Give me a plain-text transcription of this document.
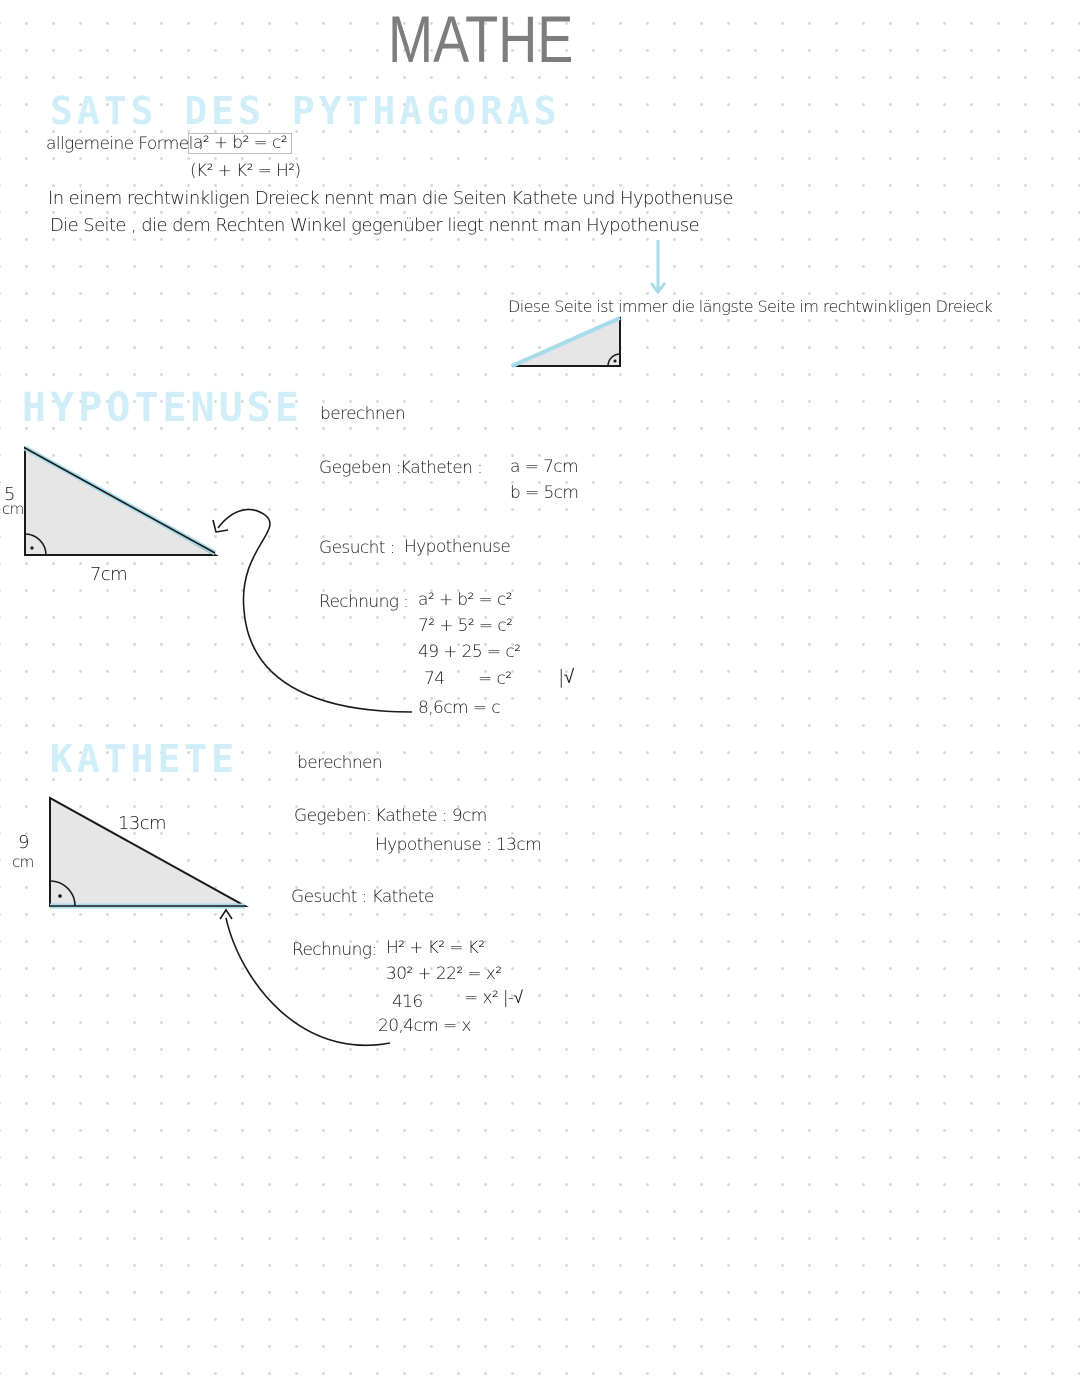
MATHE
SATS DES PYTHAGORAS
allgemeine Formel :
a² + b² = c²
(K² + K² = H²)
In einem rechtwinkligen Dreieck nennt man die Seiten Kathete und Hypothenuse
Die Seite , die dem Rechten Winkel gegenüber liegt nennt man Hypothenuse
Diese Seite ist immer die längste Seite im rechtwinkligen Dreieck
HYPOTENUSE berechnen
5
cm
7cm
Gegeben :
Katheten : a = 7cm
b = 5cm
Gesucht : Hypothenuse
Rechnung : a² + b² = c²
7² + 5² = c²
49 + 25 = c²
74 = c² |√
8,6cm = c
KATHETE	berechnen
9
cm
13cm	Gegeben: Kathete : 9cm
Hypothenuse : 13cm
Gesucht : Kathete
Rechnung: H² + K² = K²
30² + 22² = x²
416 = x² |-√
20,4cm = x
